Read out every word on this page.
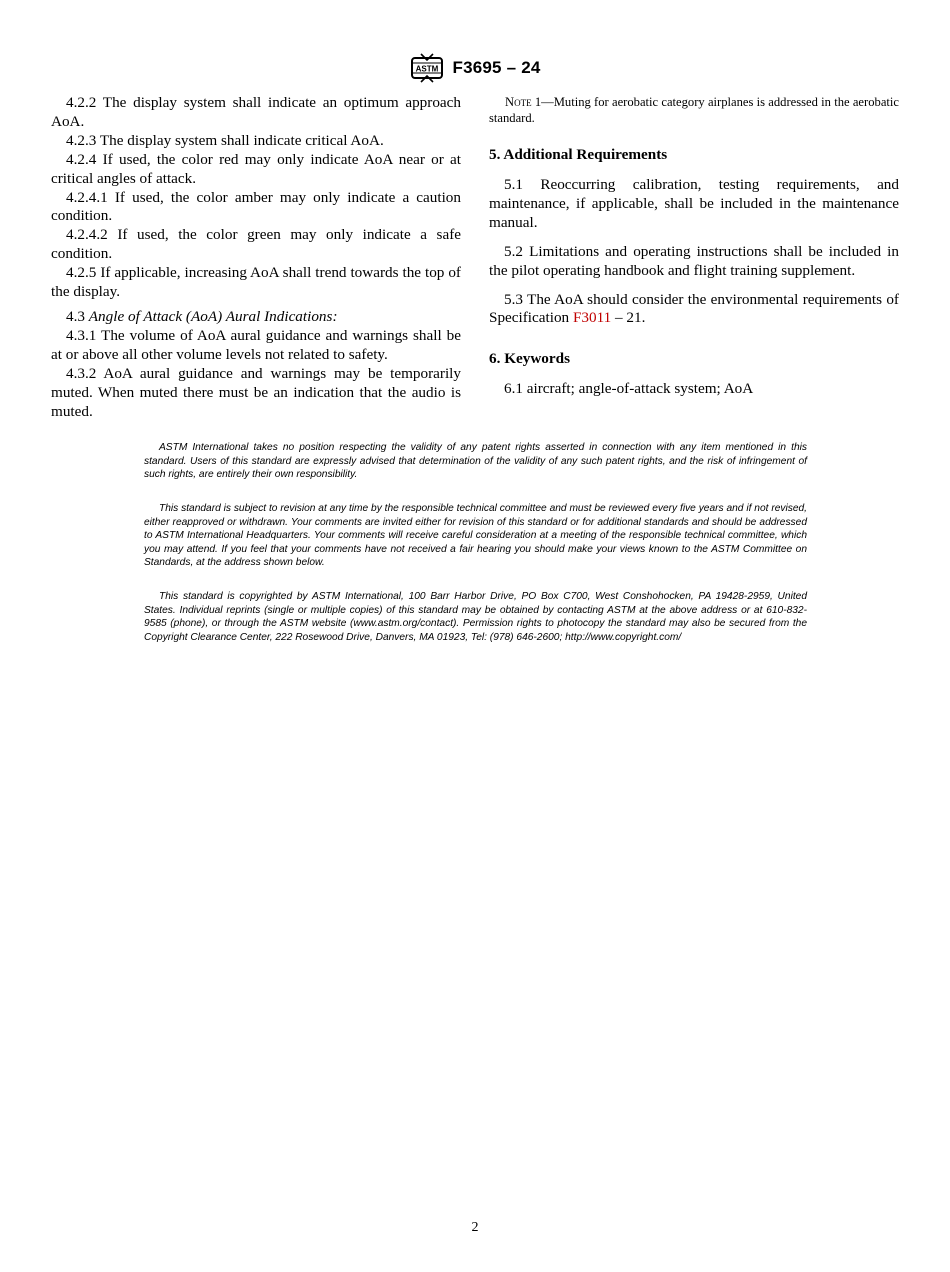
ASTM F3695 – 24

4.2.2 The display system shall indicate an optimum approach AoA.

4.2.3 The display system shall indicate critical AoA.

4.2.4 If used, the color red may only indicate AoA near or at critical angles of attack.

4.2.4.1 If used, the color amber may only indicate a caution condition.

4.2.4.2 If used, the color green may only indicate a safe condition.

4.2.5 If applicable, increasing AoA shall trend towards the top of the display.

4.3 Angle of Attack (AoA) Aural Indications:

4.3.1 The volume of AoA aural guidance and warnings shall be at or above all other volume levels not related to safety.

4.3.2 AoA aural guidance and warnings may be temporarily muted. When muted there must be an indication that the audio is muted.

Note 1—Muting for aerobatic category airplanes is addressed in the aerobatic standard.

5. Additional Requirements

5.1 Reoccurring calibration, testing requirements, and maintenance, if applicable, shall be included in the maintenance manual.

5.2 Limitations and operating instructions shall be included in the pilot operating handbook and flight training supplement.

5.3 The AoA should consider the environmental requirements of Specification F3011 – 21.

6. Keywords

6.1 aircraft; angle-of-attack system; AoA

ASTM International takes no position respecting the validity of any patent rights asserted in connection with any item mentioned in this standard. Users of this standard are expressly advised that determination of the validity of any such patent rights, and the risk of infringement of such rights, are entirely their own responsibility.

This standard is subject to revision at any time by the responsible technical committee and must be reviewed every five years and if not revised, either reapproved or withdrawn. Your comments are invited either for revision of this standard or for additional standards and should be addressed to ASTM International Headquarters. Your comments will receive careful consideration at a meeting of the responsible technical committee, which you may attend. If you feel that your comments have not received a fair hearing you should make your views known to the ASTM Committee on Standards, at the address shown below.

This standard is copyrighted by ASTM International, 100 Barr Harbor Drive, PO Box C700, West Conshohocken, PA 19428-2959, United States. Individual reprints (single or multiple copies) of this standard may be obtained by contacting ASTM at the above address or at 610-832-9585 (phone), or through the ASTM website (www.astm.org/contact). Permission rights to photocopy the standard may also be secured from the Copyright Clearance Center, 222 Rosewood Drive, Danvers, MA 01923, Tel: (978) 646-2600; http://www.copyright.com/

2
